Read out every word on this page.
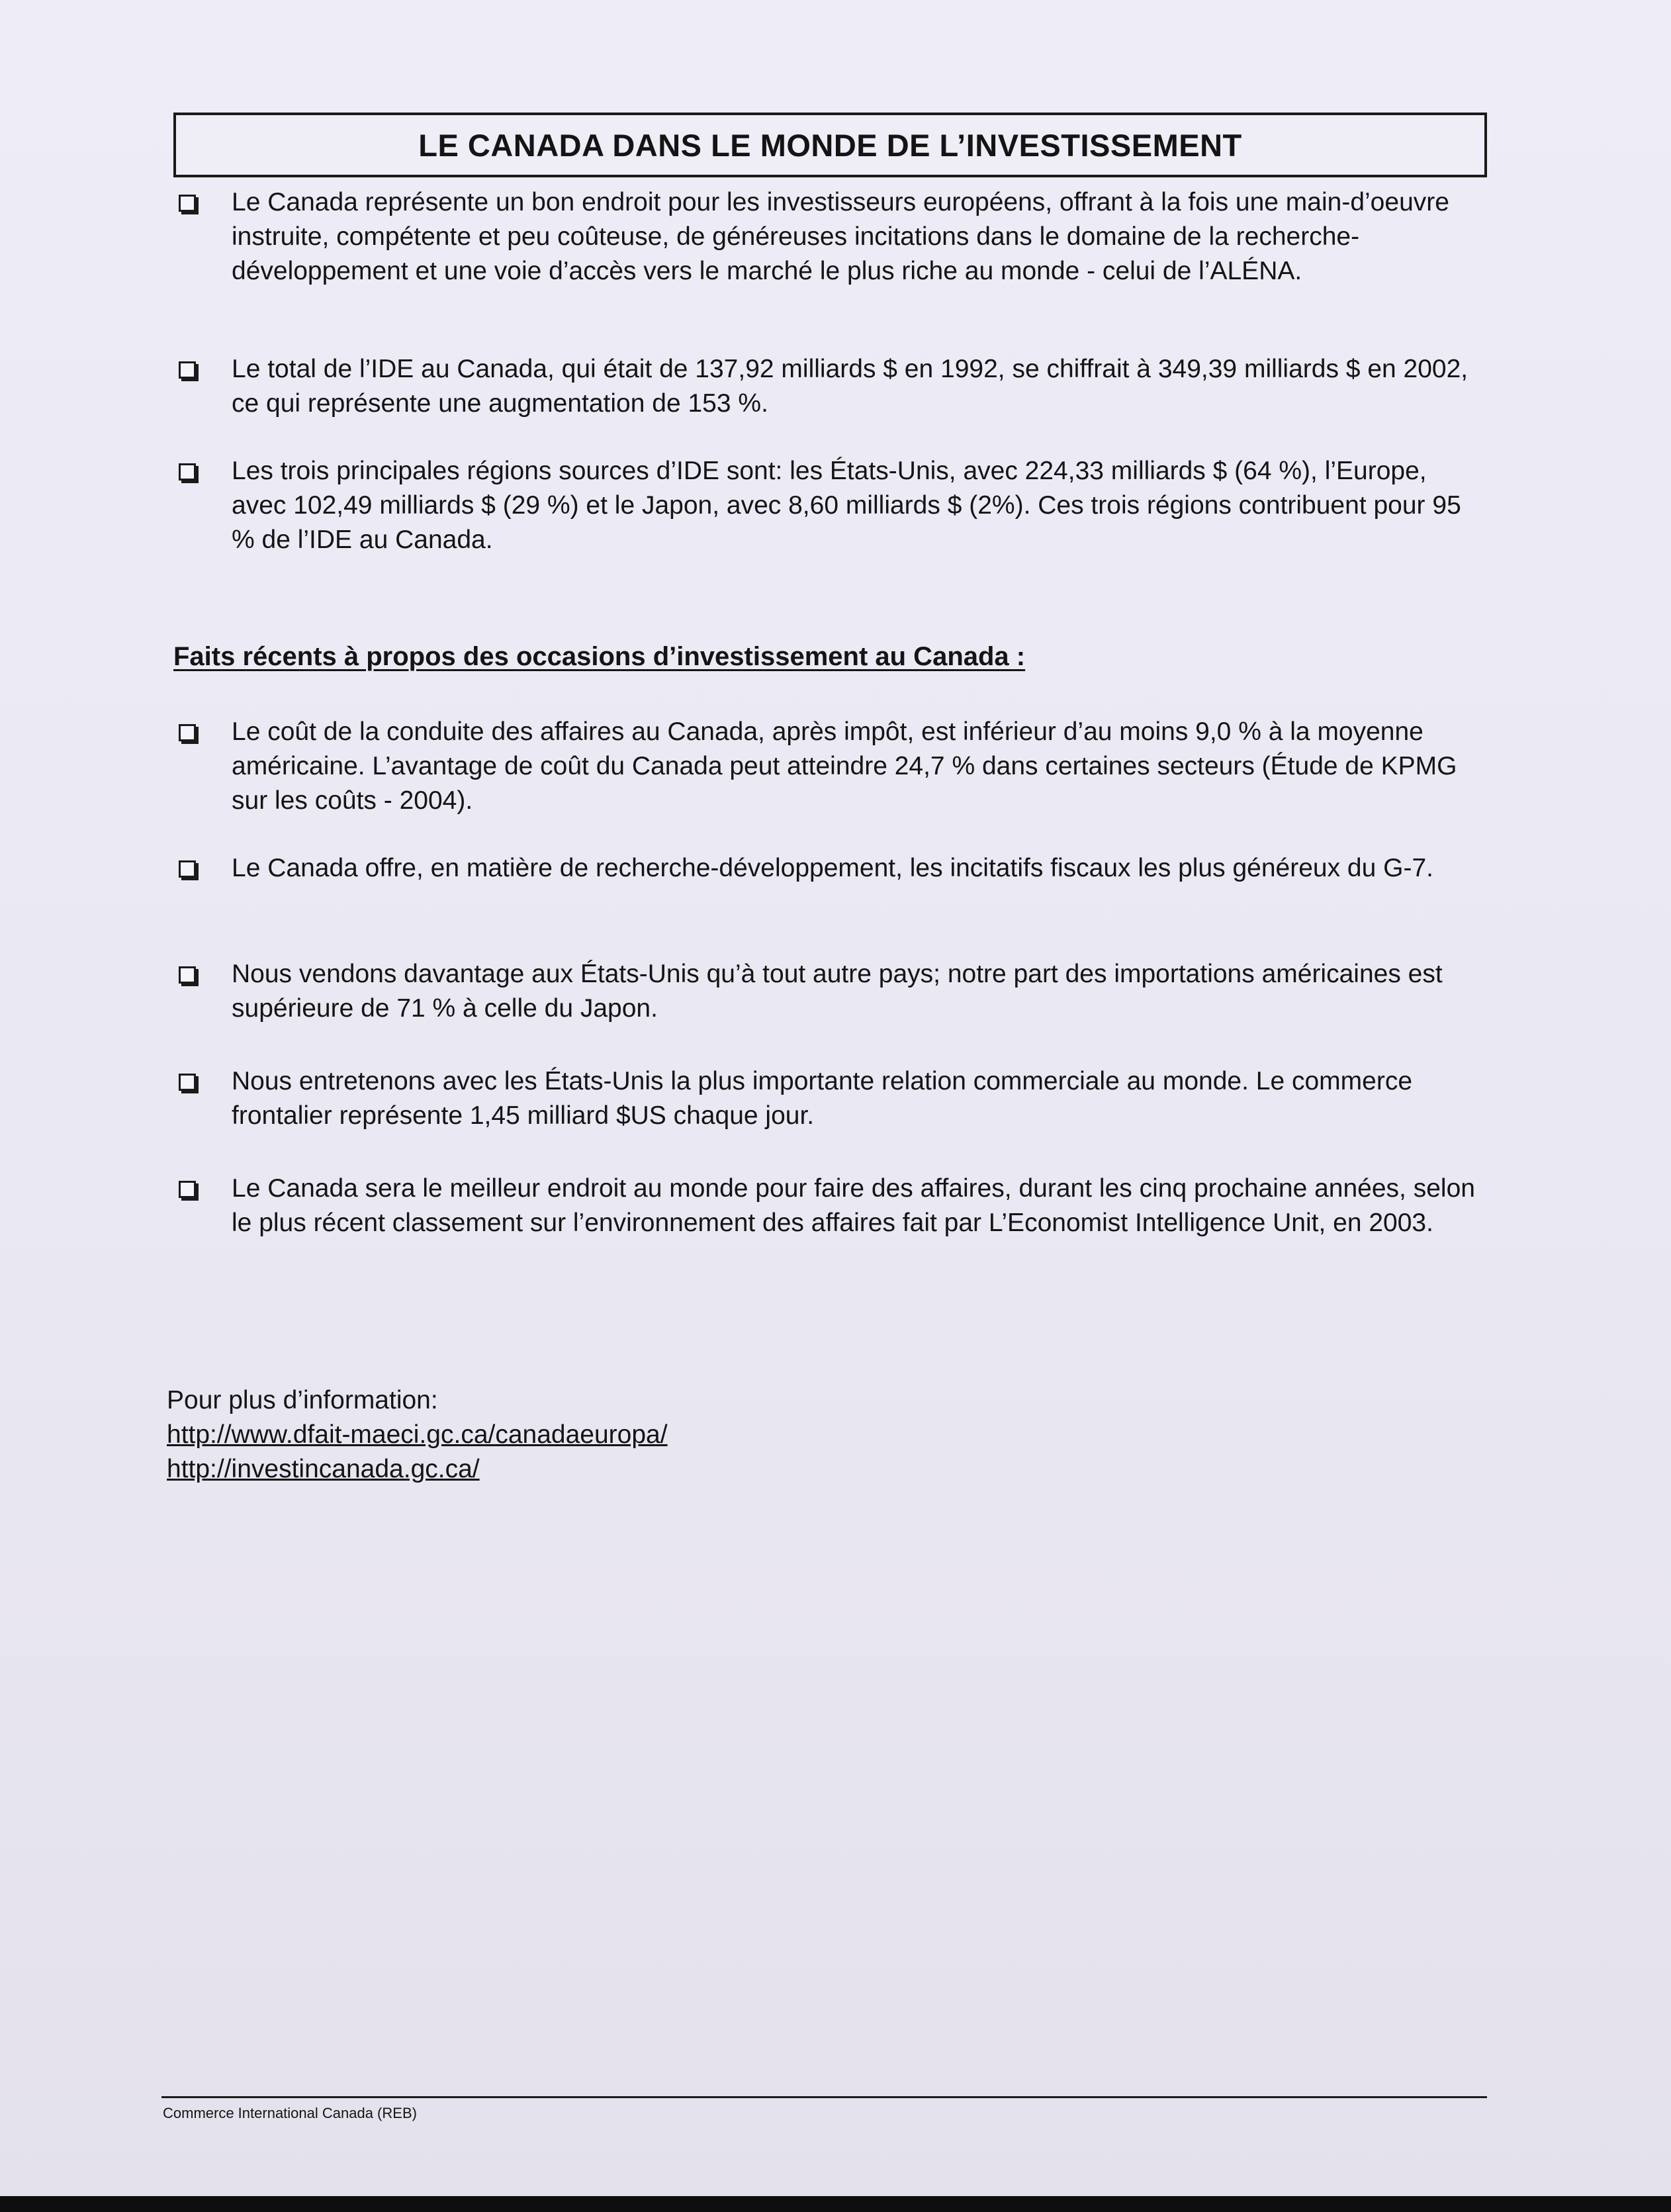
LE CANADA DANS LE MONDE DE L’INVESTISSEMENT
Le Canada représente un bon endroit pour les investisseurs européens, offrant à la fois une main-d’oeuvre instruite, compétente et peu coûteuse, de généreuses incitations dans le domaine de la recherche-développement et une voie d’accès vers le marché le plus riche au monde - celui de l’ALÉNA.
Le total de l’IDE au Canada, qui était de 137,92 milliards $ en 1992, se chiffrait à 349,39 milliards $ en 2002, ce qui représente une augmentation de 153 %.
Les trois principales régions sources d’IDE sont: les États-Unis, avec 224,33 milliards $ (64 %), l’Europe, avec 102,49 milliards $ (29 %) et le Japon, avec 8,60 milliards $ (2%). Ces trois régions contribuent pour 95 % de l’IDE au Canada.
Faits récents à propos des occasions d’investissement au Canada :
Le coût de la conduite des affaires au Canada, après impôt, est inférieur d’au moins 9,0 % à la moyenne américaine. L’avantage de coût du Canada peut atteindre 24,7 % dans certaines secteurs (Étude de KPMG sur les coûts - 2004).
Le Canada offre, en matière de recherche-développement, les incitatifs fiscaux les plus généreux du G-7.
Nous vendons davantage aux États-Unis qu’à tout autre pays; notre part des importations américaines est supérieure de 71 % à celle du Japon.
Nous entretenons avec les États-Unis la plus importante relation commerciale au monde. Le commerce frontalier représente 1,45 milliard $US chaque jour.
Le Canada sera le meilleur endroit au monde pour faire des affaires, durant les cinq prochaine années, selon le plus récent classement sur l’environnement des affaires fait par L’Economist Intelligence Unit, en 2003.
Pour plus d’information:
http://www.dfait-maeci.gc.ca/canadaeuropa/
http://investincanada.gc.ca/
Commerce International Canada (REB)
